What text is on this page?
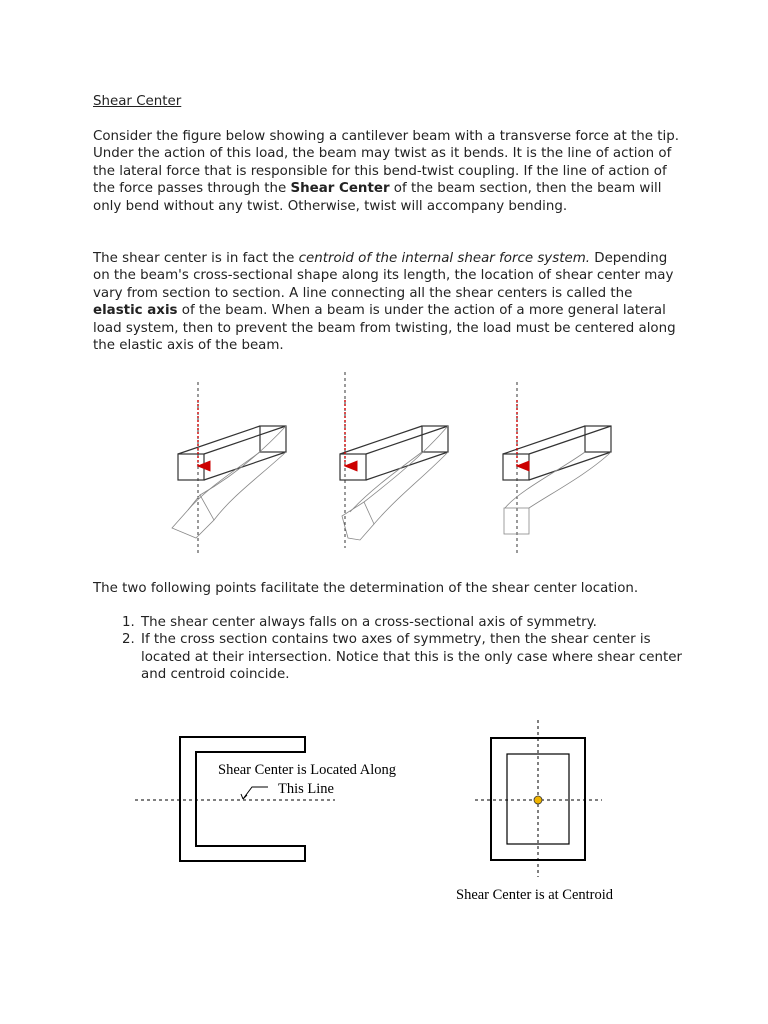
Shear Center

Consider the figure below showing a cantilever beam with a transverse force at the tip. Under the action of this load, the beam may twist as it bends. It is the line of action of the lateral force that is responsible for this bend-twist coupling. If the line of action of the force passes through the Shear Center of the beam section, then the beam will only bend without any twist. Otherwise, twist will accompany bending.

The shear center is in fact the centroid of the internal shear force system. Depending on the beam's cross-sectional shape along its length, the location of shear center may vary from section to section. A line connecting all the shear centers is called the elastic axis of the beam. When a beam is under the action of a more general lateral load system, then to prevent the beam from twisting, the load must be centered along the elastic axis of the beam.

The two following points facilitate the determination of the shear center location.

1. The shear center always falls on a cross-sectional axis of symmetry.
2. If the cross section contains two axes of symmetry, then the shear center is located at their intersection. Notice that this is the only case where shear center and centroid coincide.
Shear Center is Located Along
This Line
Shear Center is at Centroid
